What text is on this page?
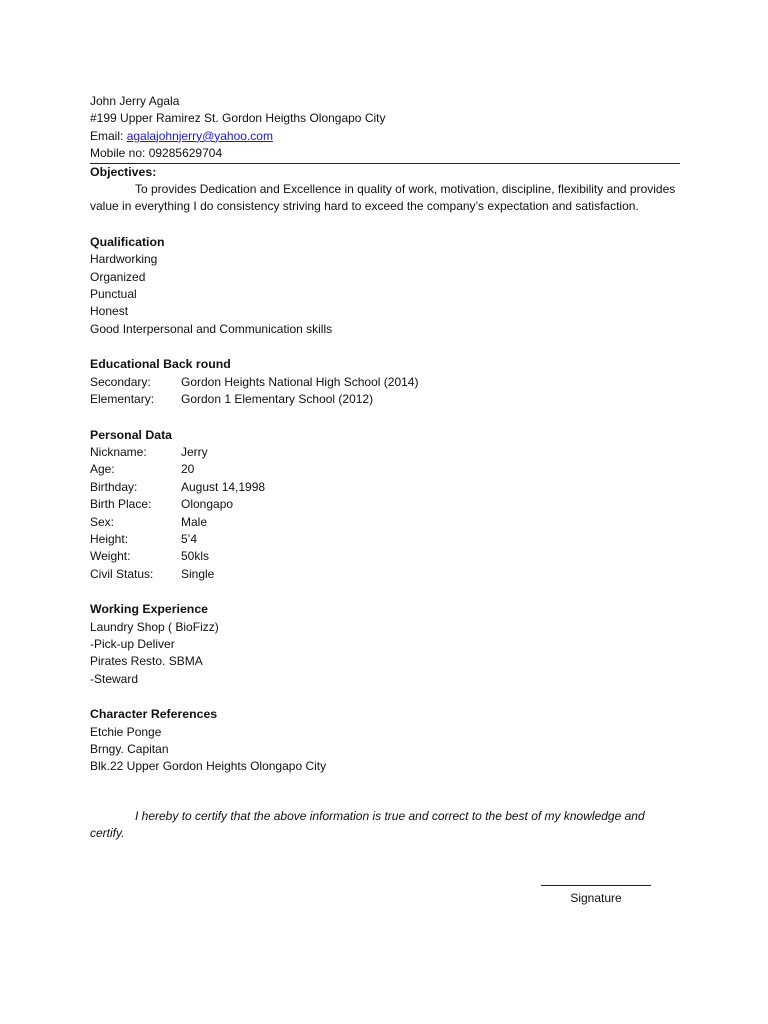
John Jerry Agala
#199 Upper Ramirez St. Gordon Heigths Olongapo City
Email: agalajohnjerry@yahoo.com
Mobile no: 09285629704
Objectives:
To provides Dedication and Excellence in quality of work, motivation, discipline, flexibility and provides value in everything I do consistency striving hard to exceed the company’s expectation and satisfaction.
Qualification
Hardworking
Organized
Punctual
Honest
Good Interpersonal and Communication skills
Educational Back round
Secondary:	Gordon Heights National High School (2014)
Elementary:	Gordon 1 Elementary School (2012)
Personal Data
Nickname:	Jerry
Age:	20
Birthday:	August 14,1998
Birth Place:	Olongapo
Sex:	Male
Height:	5’4
Weight:	50kls
Civil Status:	Single
Working Experience
Laundry Shop ( BioFizz)
-Pick-up Deliver
Pirates Resto. SBMA
-Steward
Character References
Etchie Ponge
Brngy. Capitan
Blk.22 Upper Gordon Heights Olongapo City
I hereby to certify that the above information is true and correct to the best of my knowledge and certify.
Signature
